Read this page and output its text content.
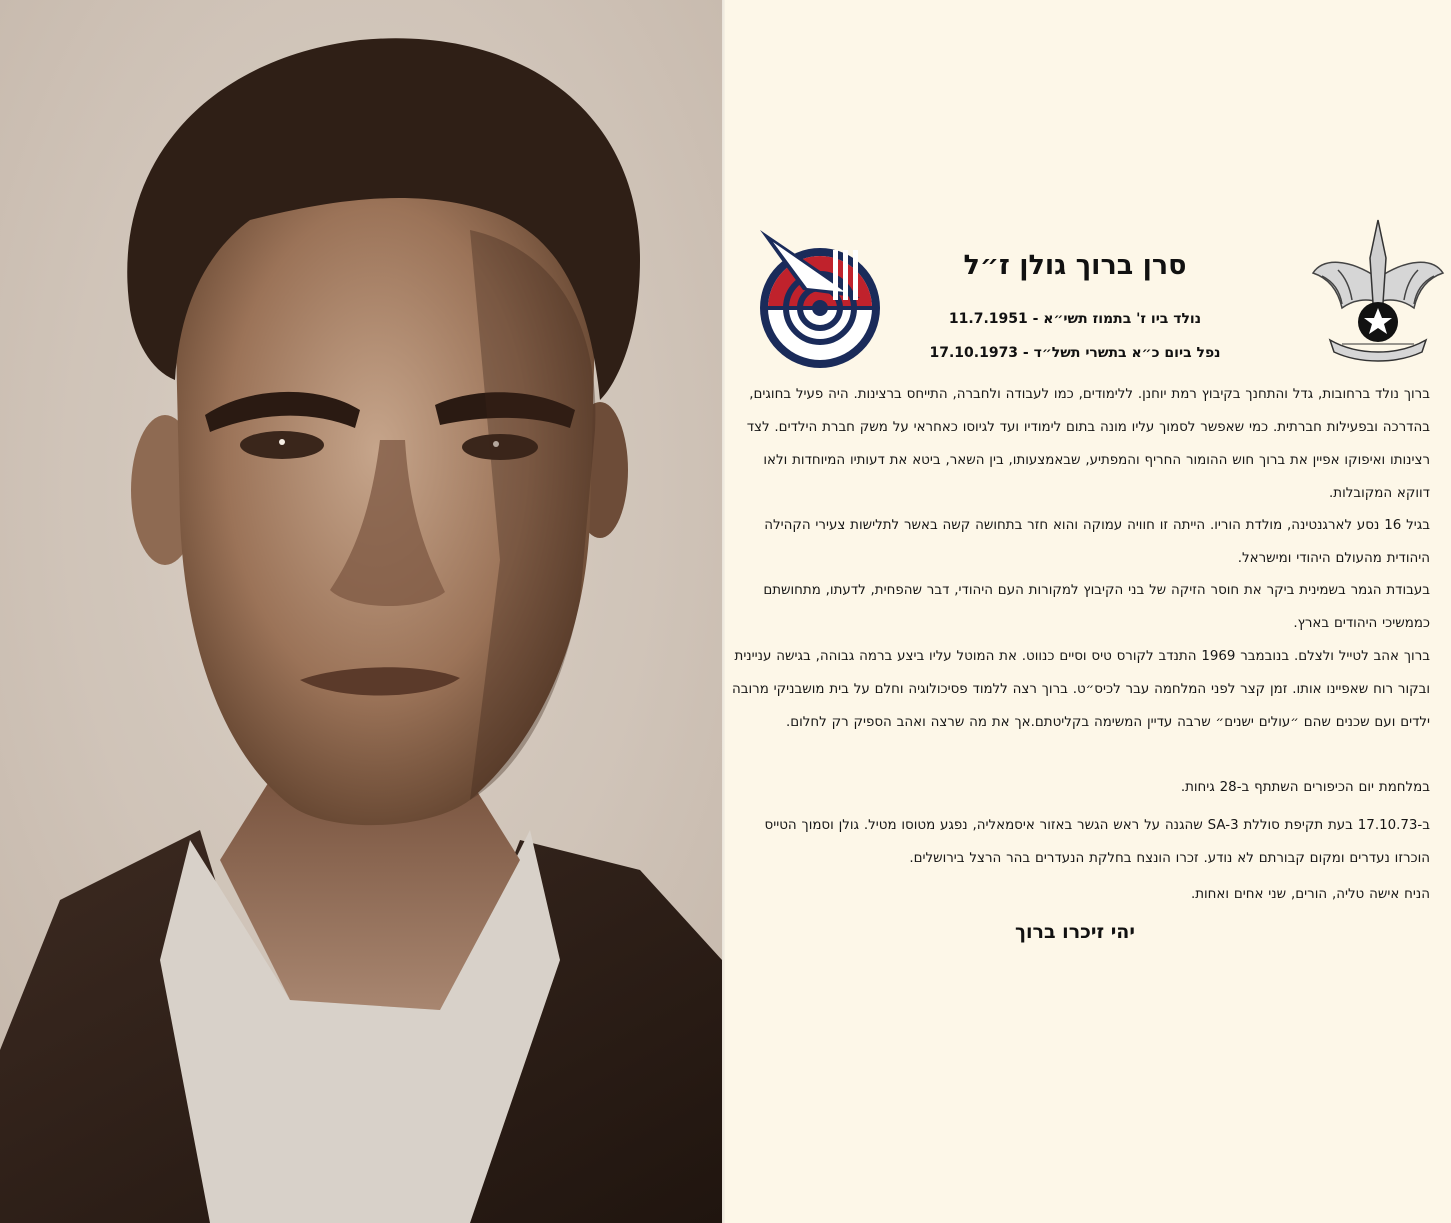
סרן ברוך גולן ז״ל
נולד ביו ז' בתמוז תשי״א - 11.7.1951
נפל ביום כ״א בתשרי תשל״ד - 17.10.1973
ברוך נולד ברחובות, גדל והתחנך בקיבוץ רמת יוחנן. ללימודים, כמו לעבודה ולחברה, התייחס ברצינות. היה פעיל בחוגים, בהדרכה ובפעילות חברתית. כמי שאפשר לסמוך עליו מונה בתום לימודיו ועד לגיוסו כאחראי על משק חברת הילדים. לצד רצינותו ואיפוקו אפיין את ברוך חוש ההומור החריף והמפתיע, שבאמצעותו, בין השאר, ביטא את דעותיו המיוחדות ולאו דווקא המקובלות.
בגיל 16 נסע לארגנטינה, מולדת הוריו. הייתה זו חוויה עמוקה והוא חזר בתחושה קשה באשר לתלישות צעירי הקהילה היהודית מהעולם היהודי ומישראל.
בעבודת הגמר בשמינית ביקר את חוסר הזיקה של בני הקיבוץ למקורות העם היהודי, דבר שהפחית, לדעתו, מתחושתם כממשיכי היהודים בארץ.
ברוך אהב לטייל ולצלם. בנובמבר 1969 התנדב לקורס טיס וסיים כנווט. את המוטל עליו ביצע ברמה גבוהה, בגישה עניינית ובקור רוח שאפיינו אותו. זמן קצר לפני המלחמה עבר לכיס״ט. ברוך רצה ללמוד פסיכולוגיה וחלם על בית מושבניקי מרובה ילדים ועם שכנים שהם ״עולים ישנים״ שרבה עדיין המשימה בקליטתם.אך את מה שרצה ואהב הספיק רק לחלום.
במלחמת יום הכיפורים השתתף ב-28 גיחות.
ב-17.10.73 בעת תקיפת סוללת SA-3 שהגנה על ראש הגשר באזור איסמאליה, נפגע מטוסו מטיל. גולן וסמוך הטייס הוכרזו נעדרים ומקום קבורתם לא נודע. זכרו הונצח בחלקת הנעדרים בהר הרצל בירושלים.
הניח אישה טליה, הורים, שני אחים ואחות.
יהי זיכרו ברוך
